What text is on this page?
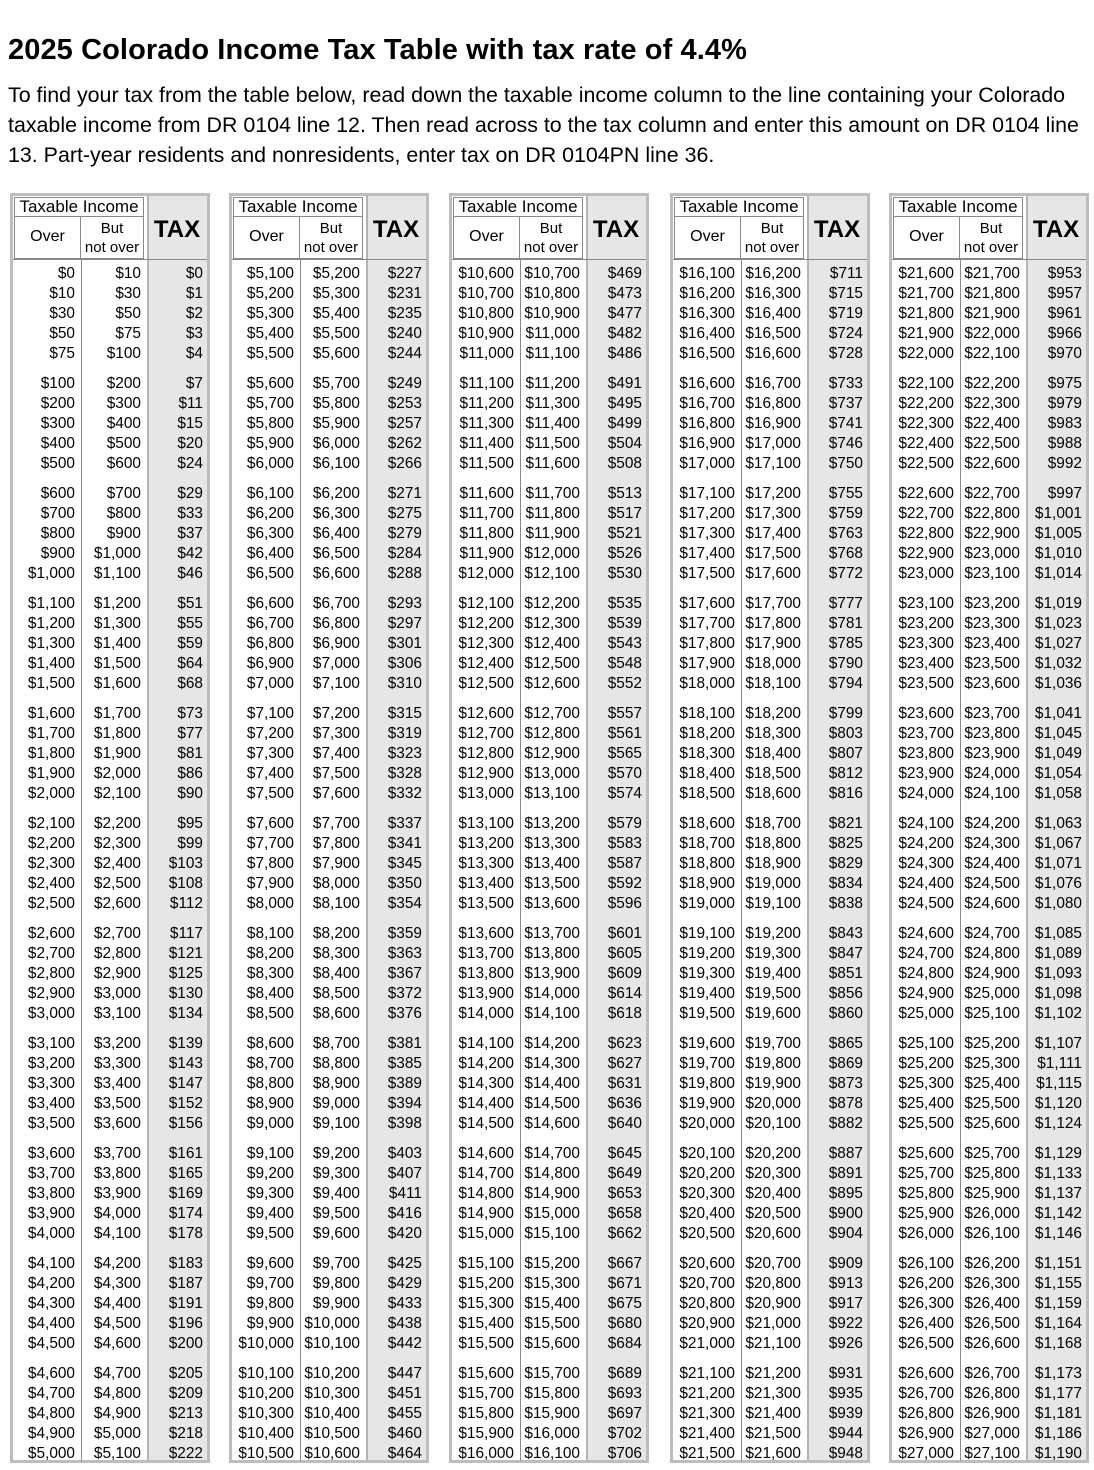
2025 Colorado Income Tax Table with tax rate of 4.4%

To find your tax from the table below, read down the taxable income column to the line containing your Colorado taxable income from DR 0104 line 12. Then read across to the tax column and enter this amount on DR 0104 line 13. Part-year residents and nonresidents, enter tax on DR 0104PN line 36.

Taxable Income
Over	But
not over
TAX
$0	$10	$0
$10	$30	$1
$30	$50	$2
$50	$75	$3
$75 $100	$4
$100 $200	$7
$200 $300 $11
$300 $400 $15
$400 $500 $20
$500 $600 $24
$600 $700 $29
$700 $800 $33
$800 $900 $37
$900 $1,000 $42
$1,000 $1,100 $46
$1,100 $1,200 $51
$1,200 $1,300 $55
$1,300 $1,400 $59
$1,400 $1,500 $64
$1,500 $1,600 $68
$1,600 $1,700 $73
$1,700 $1,800 $77
$1,800 $1,900 $81
$1,900 $2,000 $86
$2,000 $2,100 $90
$2,100 $2,200 $95
$2,200 $2,300 $99
$2,300 $2,400 $103
$2,400 $2,500 $108
$2,500 $2,600 $112
$2,600 $2,700 $117
$2,700 $2,800 $121
$2,800 $2,900 $125
$2,900 $3,000 $130
$3,000 $3,100 $134
$3,100 $3,200 $139
$3,200 $3,300 $143
$3,300 $3,400 $147
$3,400 $3,500 $152
$3,500 $3,600 $156
$3,600 $3,700 $161
$3,700 $3,800 $165
$3,800 $3,900 $169
$3,900 $4,000 $174
$4,000 $4,100 $178
$4,100 $4,200 $183
$4,200 $4,300 $187
$4,300 $4,400 $191
$4,400 $4,500 $196
$4,500 $4,600 $200
$4,600 $4,700 $205
$4,700 $4,800 $209
$4,800 $4,900 $213
$4,900 $5,000 $218
$5,000 $5,100 $222
Taxable Income
Over	But
not over
TAX
$5,100 $5,200 $227
$5,200 $5,300 $231
$5,300 $5,400 $235
$5,400 $5,500 $240
$5,500 $5,600 $244
$5,600 $5,700 $249
$5,700 $5,800 $253
$5,800 $5,900 $257
$5,900 $6,000 $262
$6,000 $6,100 $266
$6,100 $6,200 $271
$6,200 $6,300 $275
$6,300 $6,400 $279
$6,400 $6,500 $284
$6,500 $6,600 $288
$6,600 $6,700 $293
$6,700 $6,800 $297
$6,800 $6,900 $301
$6,900 $7,000 $306
$7,000 $7,100 $310
$7,100 $7,200 $315
$7,200 $7,300 $319
$7,300 $7,400 $323
$7,400 $7,500 $328
$7,500 $7,600 $332
$7,600 $7,700 $337
$7,700 $7,800 $341
$7,800 $7,900 $345
$7,900 $8,000 $350
$8,000 $8,100 $354
$8,100 $8,200 $359
$8,200 $8,300 $363
$8,300 $8,400 $367
$8,400 $8,500 $372
$8,500 $8,600 $376
$8,600 $8,700 $381
$8,700 $8,800 $385
$8,800 $8,900 $389
$8,900 $9,000 $394
$9,000 $9,100 $398
$9,100 $9,200 $403
$9,200 $9,300 $407
$9,300 $9,400 $411
$9,400 $9,500 $416
$9,500 $9,600 $420
$9,600 $9,700 $425
$9,700 $9,800 $429
$9,800 $9,900 $433
$9,900 $10,000 $438
$10,000 $10,100 $442
$10,100 $10,200 $447
$10,200 $10,300 $451
$10,300 $10,400 $455
$10,400 $10,500 $460
$10,500 $10,600 $464
Taxable Income
Over	But
not over
TAX
$10,600 $10,700 $469
$10,700 $10,800 $473
$10,800 $10,900 $477
$10,900 $11,000 $482
$11,000 $11,100 $486
$11,100 $11,200 $491
$11,200 $11,300 $495
$11,300 $11,400 $499
$11,400 $11,500 $504
$11,500 $11,600 $508
$11,600 $11,700 $513
$11,700 $11,800 $517
$11,800 $11,900 $521
$11,900 $12,000 $526
$12,000 $12,100 $530
$12,100 $12,200 $535
$12,200 $12,300 $539
$12,300 $12,400 $543
$12,400 $12,500 $548
$12,500 $12,600 $552
$12,600 $12,700 $557
$12,700 $12,800 $561
$12,800 $12,900 $565
$12,900 $13,000 $570
$13,000 $13,100 $574
$13,100 $13,200 $579
$13,200 $13,300 $583
$13,300 $13,400 $587
$13,400 $13,500 $592
$13,500 $13,600 $596
$13,600 $13,700 $601
$13,700 $13,800 $605
$13,800 $13,900 $609
$13,900 $14,000 $614
$14,000 $14,100 $618
$14,100 $14,200 $623
$14,200 $14,300 $627
$14,300 $14,400 $631
$14,400 $14,500 $636
$14,500 $14,600 $640
$14,600 $14,700 $645
$14,700 $14,800 $649
$14,800 $14,900 $653
$14,900 $15,000 $658
$15,000 $15,100 $662
$15,100 $15,200 $667
$15,200 $15,300 $671
$15,300 $15,400 $675
$15,400 $15,500 $680
$15,500 $15,600 $684
$15,600 $15,700 $689
$15,700 $15,800 $693
$15,800 $15,900 $697
$15,900 $16,000 $702
$16,000 $16,100 $706
Taxable Income
Over	But
not over
TAX
$16,100 $16,200 $711
$16,200 $16,300 $715
$16,300 $16,400 $719
$16,400 $16,500 $724
$16,500 $16,600 $728
$16,600 $16,700 $733
$16,700 $16,800 $737
$16,800 $16,900 $741
$16,900 $17,000 $746
$17,000 $17,100 $750
$17,100 $17,200 $755
$17,200 $17,300 $759
$17,300 $17,400 $763
$17,400 $17,500 $768
$17,500 $17,600 $772
$17,600 $17,700 $777
$17,700 $17,800 $781
$17,800 $17,900 $785
$17,900 $18,000 $790
$18,000 $18,100 $794
$18,100 $18,200 $799
$18,200 $18,300 $803
$18,300 $18,400 $807
$18,400 $18,500 $812
$18,500 $18,600 $816
$18,600 $18,700 $821
$18,700 $18,800 $825
$18,800 $18,900 $829
$18,900 $19,000 $834
$19,000 $19,100 $838
$19,100 $19,200 $843
$19,200 $19,300 $847
$19,300 $19,400 $851
$19,400 $19,500 $856
$19,500 $19,600 $860
$19,600 $19,700 $865
$19,700 $19,800 $869
$19,800 $19,900 $873
$19,900 $20,000 $878
$20,000 $20,100 $882
$20,100 $20,200 $887
$20,200 $20,300 $891
$20,300 $20,400 $895
$20,400 $20,500 $900
$20,500 $20,600 $904
$20,600 $20,700 $909
$20,700 $20,800 $913
$20,800 $20,900 $917
$20,900 $21,000 $922
$21,000 $21,100 $926
$21,100 $21,200 $931
$21,200 $21,300 $935
$21,300 $21,400 $939
$21,400 $21,500 $944
$21,500 $21,600 $948
Taxable Income
Over	But
not over
TAX
$21,600 $21,700 $953
$21,700 $21,800 $957
$21,800 $21,900 $961
$21,900 $22,000 $966
$22,000 $22,100 $970
$22,100 $22,200 $975
$22,200 $22,300 $979
$22,300 $22,400 $983
$22,400 $22,500 $988
$22,500 $22,600 $992
$22,600 $22,700 $997
$22,700 $22,800 $1,001
$22,800 $22,900 $1,005
$22,900 $23,000 $1,010
$23,000 $23,100 $1,014
$23,100 $23,200 $1,019
$23,200 $23,300 $1,023
$23,300 $23,400 $1,027
$23,400 $23,500 $1,032
$23,500 $23,600 $1,036
$23,600 $23,700 $1,041
$23,700 $23,800 $1,045
$23,800 $23,900 $1,049
$23,900 $24,000 $1,054
$24,000 $24,100 $1,058
$24,100 $24,200 $1,063
$24,200 $24,300 $1,067
$24,300 $24,400 $1,071
$24,400 $24,500 $1,076
$24,500 $24,600 $1,080
$24,600 $24,700 $1,085
$24,700 $24,800 $1,089
$24,800 $24,900 $1,093
$24,900 $25,000 $1,098
$25,000 $25,100 $1,102
$25,100 $25,200 $1,107
$25,200 $25,300 $1,111
$25,300 $25,400 $1,115
$25,400 $25,500 $1,120
$25,500 $25,600 $1,124
$25,600 $25,700 $1,129
$25,700 $25,800 $1,133
$25,800 $25,900 $1,137
$25,900 $26,000 $1,142
$26,000 $26,100 $1,146
$26,100 $26,200 $1,151
$26,200 $26,300 $1,155
$26,300 $26,400 $1,159
$26,400 $26,500 $1,164
$26,500 $26,600 $1,168
$26,600 $26,700 $1,173
$26,700 $26,800 $1,177
$26,800 $26,900 $1,181
$26,900 $27,000 $1,186
$27,000 $27,100 $1,190
